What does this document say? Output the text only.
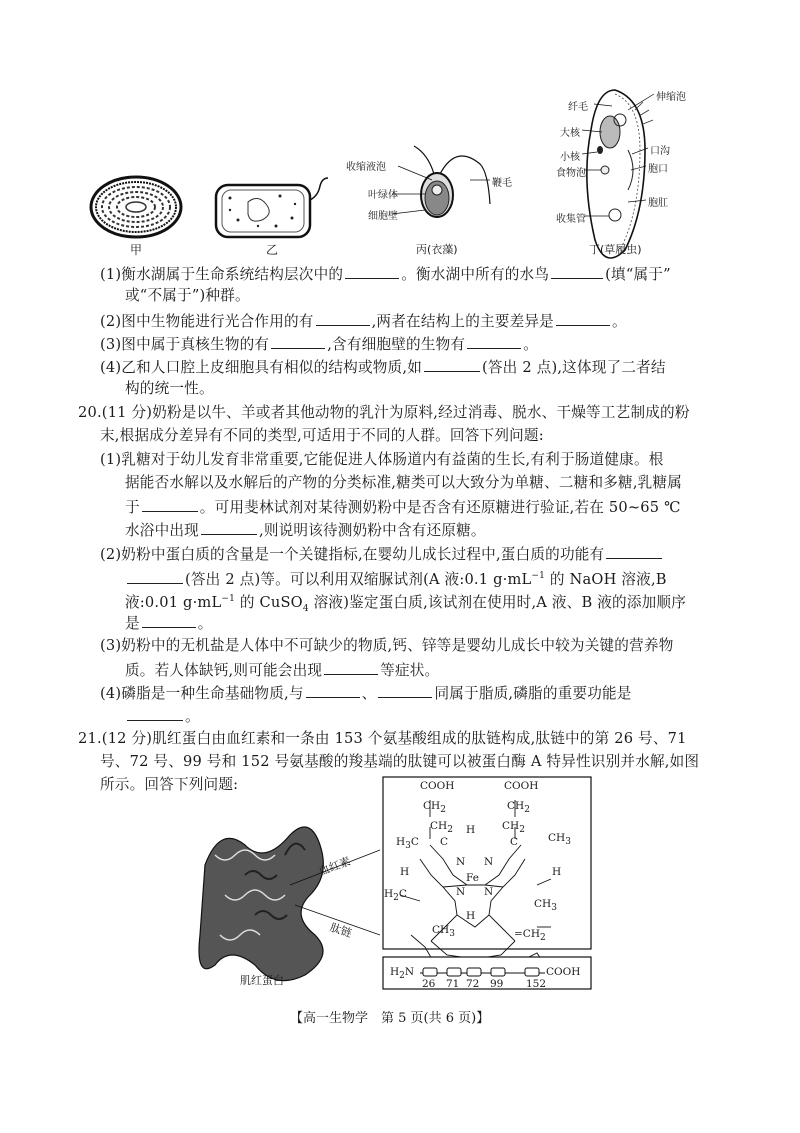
甲	乙	丙(衣藻)	丁(草履虫)
收缩液泡
叶绿体
细胞壁
鞭毛
纤毛
伸缩泡
大核
小核
食物泡
收集管
口沟
胞口
胞肛
(1)衡水湖属于生命系统结构层次中的	。衡水湖中所有的水鸟	(填“属于”
或“不属于”)种群。
(2)图中生物能进行光合作用的有	,两者在结构上的主要差异是	。
(3)图中属于真核生物的有	,含有细胞壁的生物有	。
(4)乙和人口腔上皮细胞具有相似的结构或物质,如	(答出 2 点),这体现了二者结
构的统一性。
20.(11 分)奶粉是以牛、羊或者其他动物的乳汁为原料,经过消毒、脱水、干燥等工艺制成的粉
末,根据成分差异有不同的类型,可适用于不同的人群。回答下列问题:
(1)乳糖对于幼儿发育非常重要,它能促进人体肠道内有益菌的生长,有利于肠道健康。根
据能否水解以及水解后的产物的分类标准,糖类可以大致分为单糖、二糖和多糖,乳糖属
于	。可用斐林试剂对某待测奶粉中是否含有还原糖进行验证,若在 50~65 ℃
水浴中出现	,则说明该待测奶粉中含有还原糖。
(2)奶粉中蛋白质的含量是一个关键指标,在婴幼儿成长过程中,蛋白质的功能有
(答出 2 点)等。可以利用双缩脲试剂(A 液:0.1 $g\cdot mL^{-1}$ 的 NaOH 溶液,B
液:0.01 $g\cdot mL^{-1}$ 的 CuSO$_4$ 溶液)鉴定蛋白质,该试剂在使用时,A 液、B 液的添加顺序
是	。
(3)奶粉中的无机盐是人体中不可缺少的物质,钙、锌等是婴幼儿成长中较为关键的营养物
质。若人体缺钙,则可能会出现	等症状。
(4)磷脂是一种生命基础物质,与	、	同属于脂质,磷脂的重要功能是
。
21.(12 分)肌红蛋白由血红素和一条由 153 个氨基酸组成的肽链构成,肽链中的第 26 号、71
号、72 号、99 号和 152 号氨基酸的羧基端的肽键可以被蛋白酶 A 特异性识别并水解,如图
所示。回答下列问题:
血红素
肽链
肌红蛋白
COOH	COOH
$CH_2$	$CH_2$
$CH_2$	$CH_2$
C
H
C	$CH_3$
$H_3C$
N N
H	H
Fe
N N
$H_2C$
$CH_3$
H
$CH_3$	$=CH_2$
$H_2N$	COOH
26 71 72 99 152
【高一生物学　第 5 页(共 6 页)】
